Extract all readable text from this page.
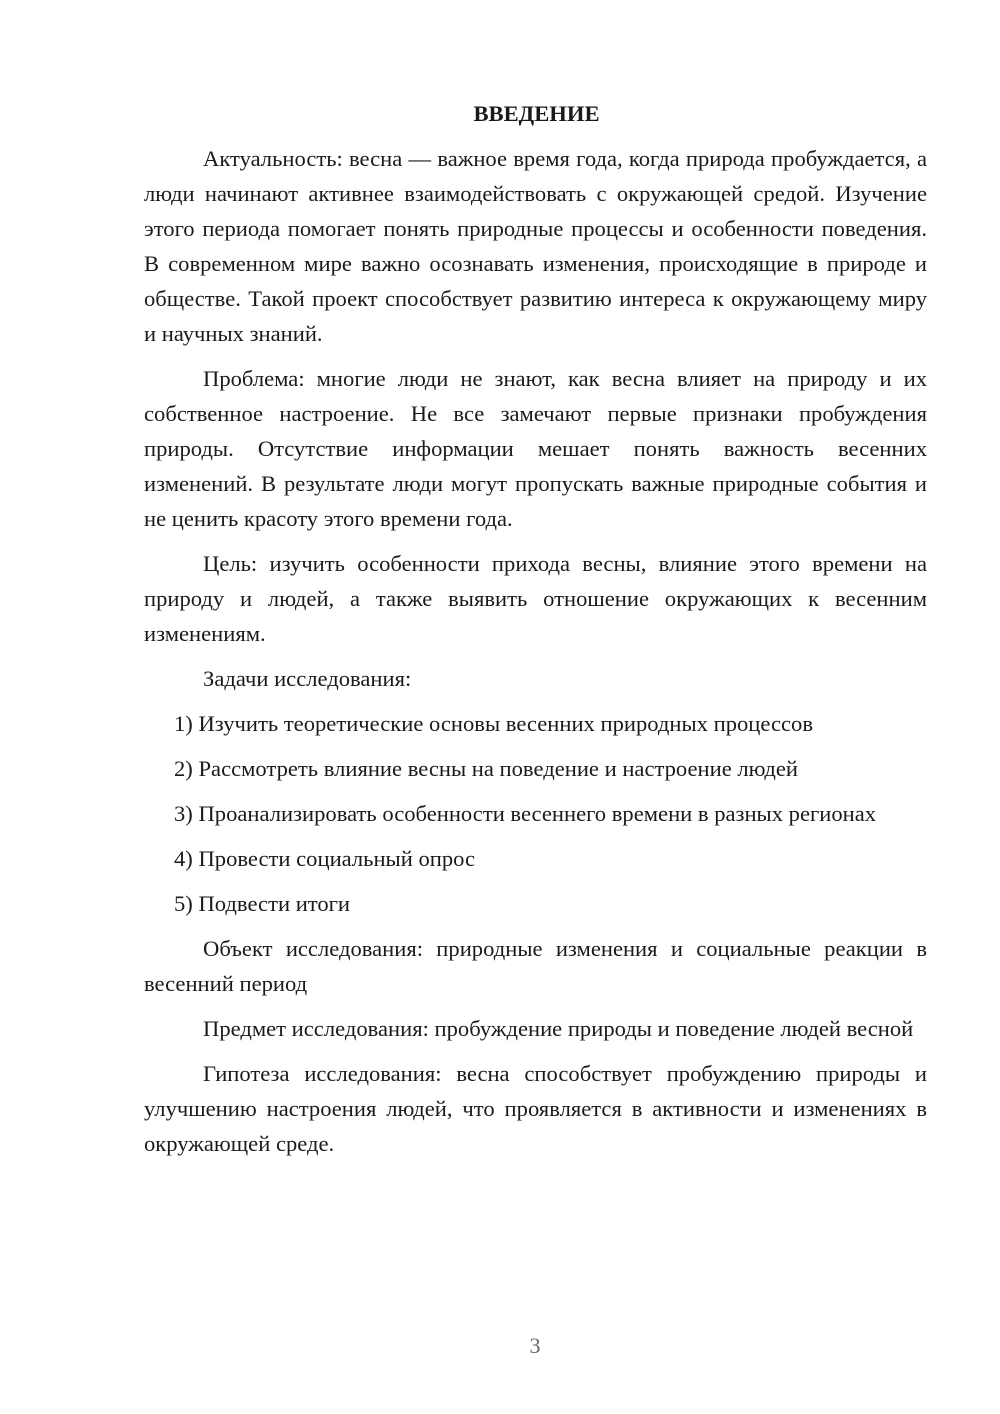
ВВЕДЕНИЕ

Актуальность: весна — важное время года, когда природа пробуждается, а люди начинают активнее взаимодействовать с окружающей средой. Изучение этого периода помогает понять природные процессы и особенности поведения. В современном мире важно осознавать изменения, происходящие в природе и обществе. Такой проект способствует развитию интереса к окружающему миру и научных знаний.

Проблема: многие люди не знают, как весна влияет на природу и их собственное настроение. Не все замечают первые признаки пробуждения природы. Отсутствие информации мешает понять важность весенних изменений. В результате люди могут пропускать важные природные события и не ценить красоту этого времени года.

Цель: изучить особенности прихода весны, влияние этого времени на природу и людей, а также выявить отношение окружающих к весенним изменениям.

Задачи исследования:

1) Изучить теоретические основы весенних природных процессов

2) Рассмотреть влияние весны на поведение и настроение людей

3) Проанализировать особенности весеннего времени в разных регионах

4) Провести социальный опрос

5) Подвести итоги

Объект исследования: природные изменения и социальные реакции в весенний период

Предмет исследования: пробуждение природы и поведение людей весной

Гипотеза исследования: весна способствует пробуждению природы и улучшению настроения людей, что проявляется в активности и изменениях в окружающей среде.

3
